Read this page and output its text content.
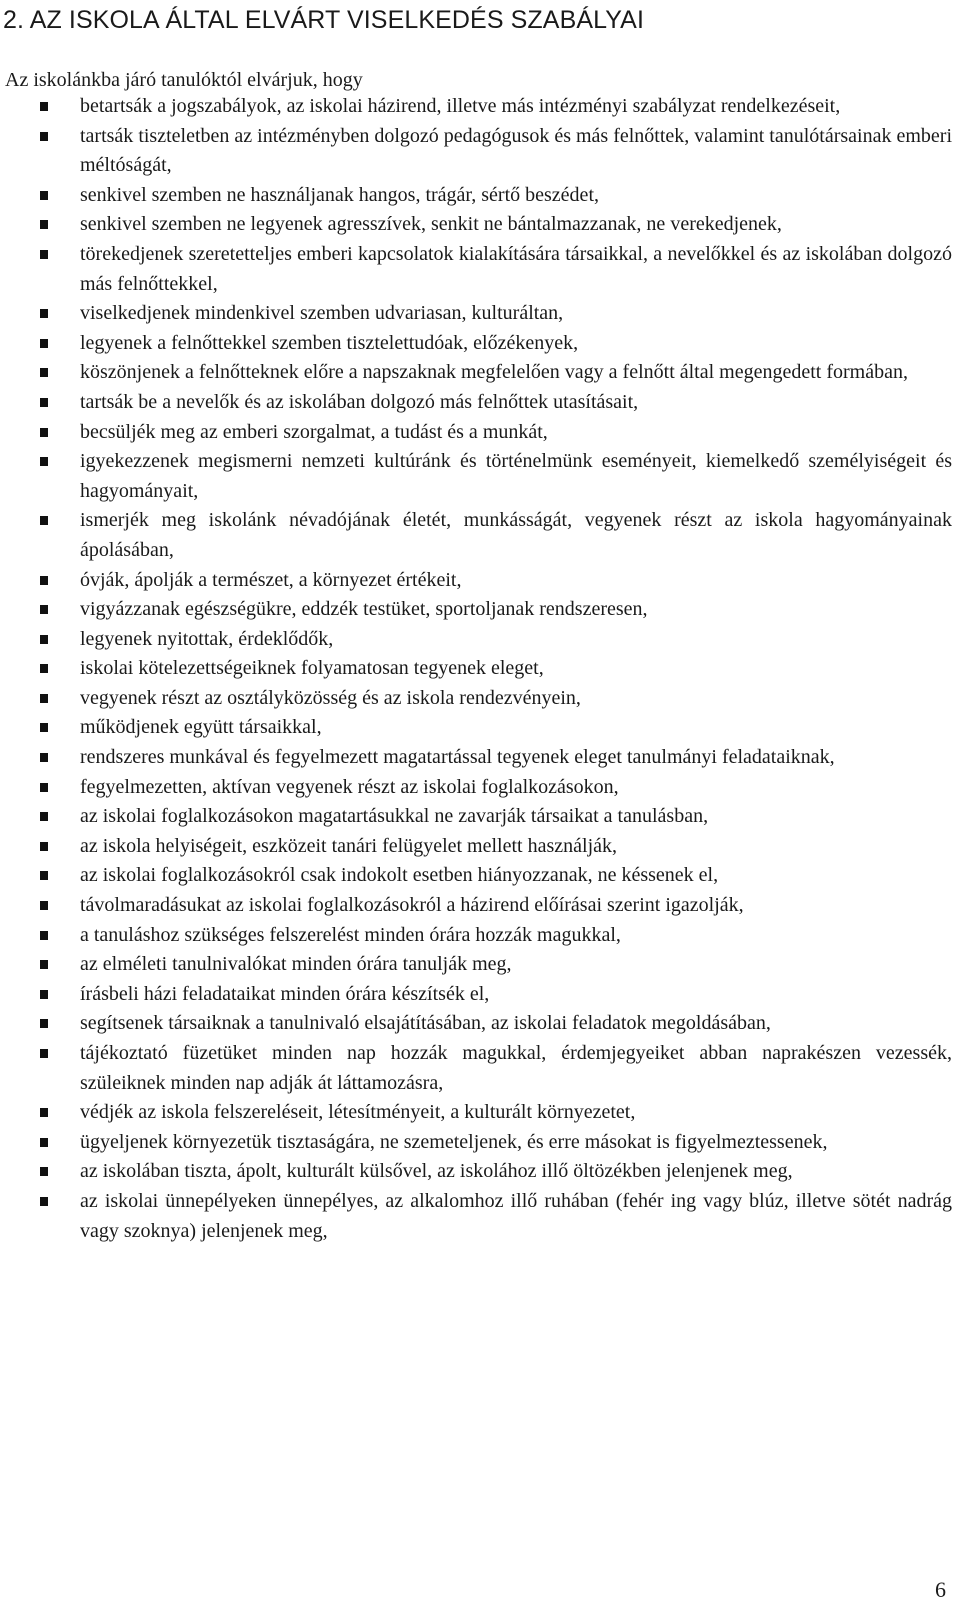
2. AZ ISKOLA ÁLTAL ELVÁRT VISELKEDÉS SZABÁLYAI

Az iskolánkba járó tanulóktól elvárjuk, hogy

betartsák a jogszabályok, az iskolai házirend, illetve más intézményi szabályzat rendelkezéseit,
tartsák tiszteletben az intézményben dolgozó pedagógusok és más felnőttek, valamint tanulótársainak emberi méltóságát,
senkivel szemben ne használjanak hangos, trágár, sértő beszédet,
senkivel szemben ne legyenek agresszívek, senkit ne bántalmazzanak, ne verekedjenek,
törekedjenek szeretetteljes emberi kapcsolatok kialakítására társaikkal, a nevelőkkel és az iskolában dolgozó más felnőttekkel,
viselkedjenek mindenkivel szemben udvariasan, kulturáltan,
legyenek a felnőttekkel szemben tisztelettudóak, előzékenyek,
köszönjenek a felnőtteknek előre a napszaknak megfelelően vagy a felnőtt által megengedett formában,
tartsák be a nevelők és az iskolában dolgozó más felnőttek utasításait,
becsüljék meg az emberi szorgalmat, a tudást és a munkát,
igyekezzenek megismerni nemzeti kultúránk és történelmünk eseményeit, kiemelkedő személyiségeit és hagyományait,
ismerjék meg iskolánk névadójának életét, munkásságát, vegyenek részt az iskola hagyományainak ápolásában,
óvják, ápolják a természet, a környezet értékeit,
vigyázzanak egészségükre, eddzék testüket, sportoljanak rendszeresen,
legyenek nyitottak, érdeklődők,
iskolai kötelezettségeiknek folyamatosan tegyenek eleget,
vegyenek részt az osztályközösség és az iskola rendezvényein,
működjenek együtt társaikkal,
rendszeres munkával és fegyelmezett magatartással tegyenek eleget tanulmányi feladataiknak,
fegyelmezetten, aktívan vegyenek részt az iskolai foglalkozásokon,
az iskolai foglalkozásokon magatartásukkal ne zavarják társaikat a tanulásban,
az iskola helyiségeit, eszközeit tanári felügyelet mellett használják,
az iskolai foglalkozásokról csak indokolt esetben hiányozzanak, ne késsenek el,
távolmaradásukat az iskolai foglalkozásokról a házirend előírásai szerint igazolják,
a tanuláshoz szükséges felszerelést minden órára hozzák magukkal,
az elméleti tanulnivalókat minden órára tanulják meg,
írásbeli házi feladataikat minden órára készítsék el,
segítsenek társaiknak a tanulnivaló elsajátításában, az iskolai feladatok megoldásában,
tájékoztató füzetüket minden nap hozzák magukkal, érdemjegyeiket abban naprakészen vezessék, szüleiknek minden nap adják át láttamozásra,
védjék az iskola felszereléseit, létesítményeit, a kulturált környezetet,
ügyeljenek környezetük tisztaságára, ne szemeteljenek, és erre másokat is figyelmeztessenek,
az iskolában tiszta, ápolt, kulturált külsővel, az iskolához illő öltözékben jelenjenek meg,
az iskolai ünnepélyeken ünnepélyes, az alkalomhoz illő ruhában (fehér ing vagy blúz, illetve sötét nadrág vagy szoknya) jelenjenek meg,

6
